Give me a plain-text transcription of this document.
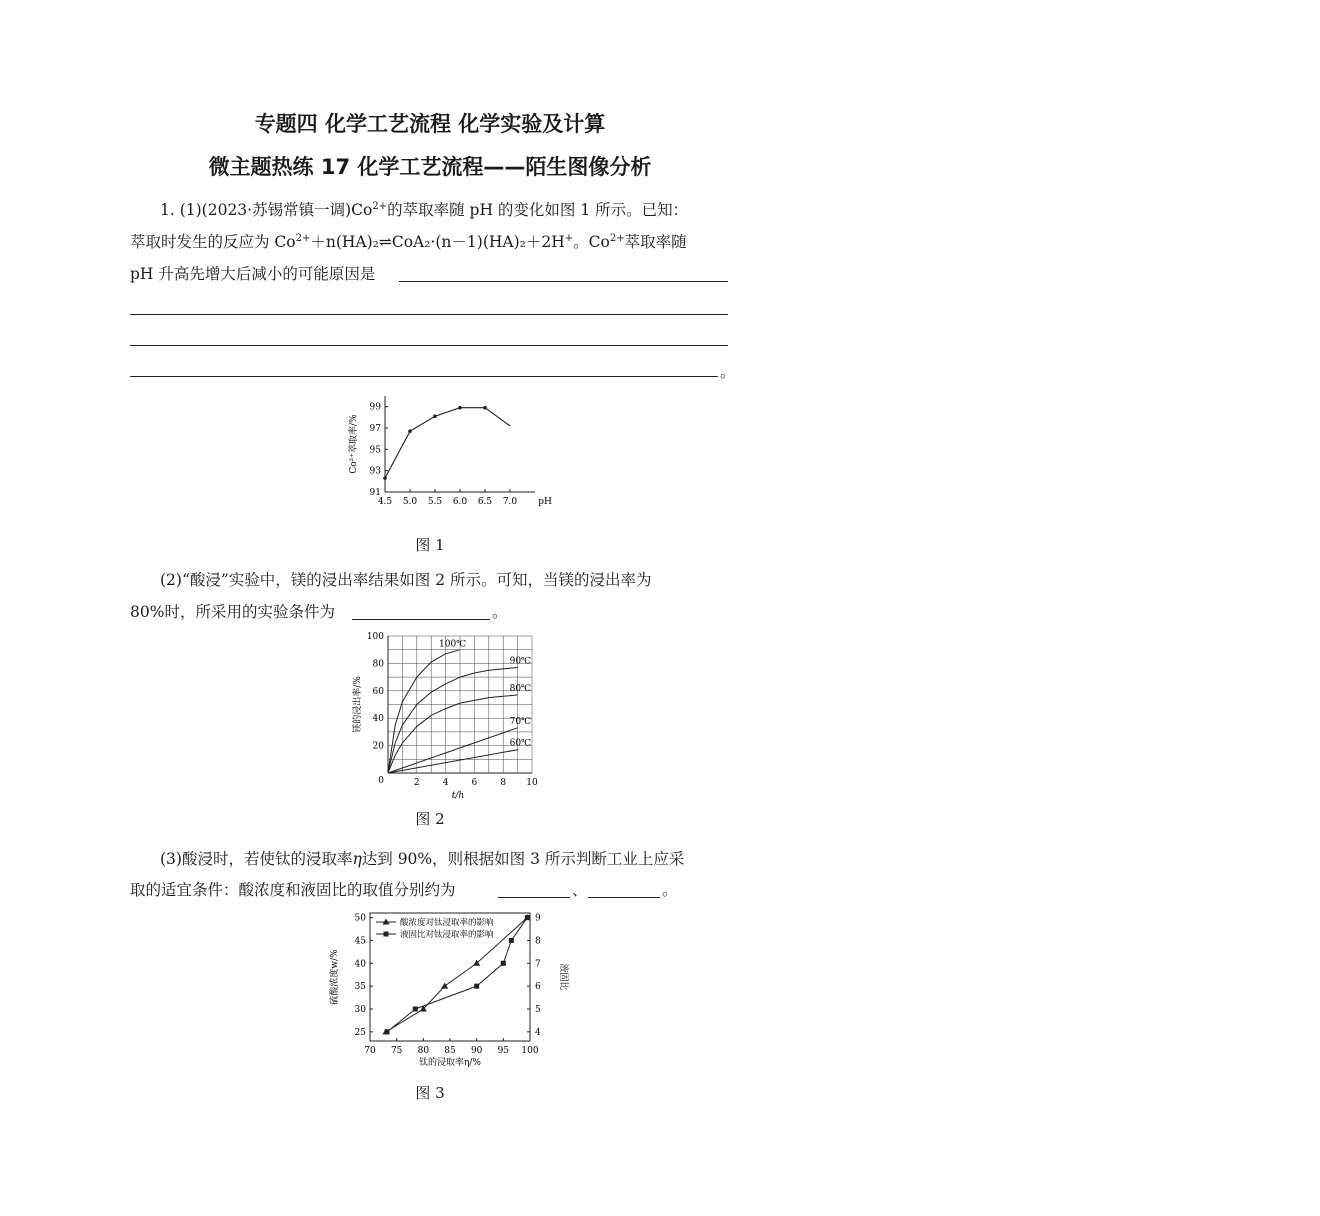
专题四 化学工艺流程 化学实验及计算
微主题热练 17 化学工艺流程——陌生图像分析
1. (1)(2023·苏锡常镇一调)$Co^{2+}$的萃取率随 pH 的变化如图 1 所示。已知：
萃取时发生的反应为 $Co^{2+}+n(HA)_2\rightleftharpoons CoA_2\cdot(n-1)(HA)_2+2H^+$。$Co^{2+}$萃取率随
pH 升高先增大后减小的可能原因是
。
4.5 5.0 5.5 6.0 6.5 7.0 pH
91
93
95
97
99
Co²⁺萃取率/%
图 1
(2)“酸浸”实验中，镁的浸出率结果如图 2 所示。可知，当镁的浸出率为
80%时，所采用的实验条件为	。
2	4	6	8 10
0
20
40
60
80
100
t/h
镁的浸出率/%
100℃
90℃
80℃
70℃
60℃
图 2
(3)酸浸时，若使钛的浸取率η达到 90%，则根据如图 3 所示判断工业上应采
取的适宜条件：酸浓度和液固比的取值分别约为	、	。
70 75 80 85 90 95 100
25
30
35
40
45
50
4
5
6
7
8
9
钛的浸取率η/%
硫酸浓度w/%	液固比
酸浓度对钛浸取率的影响
液固比对钛浸取率的影响
图 3
